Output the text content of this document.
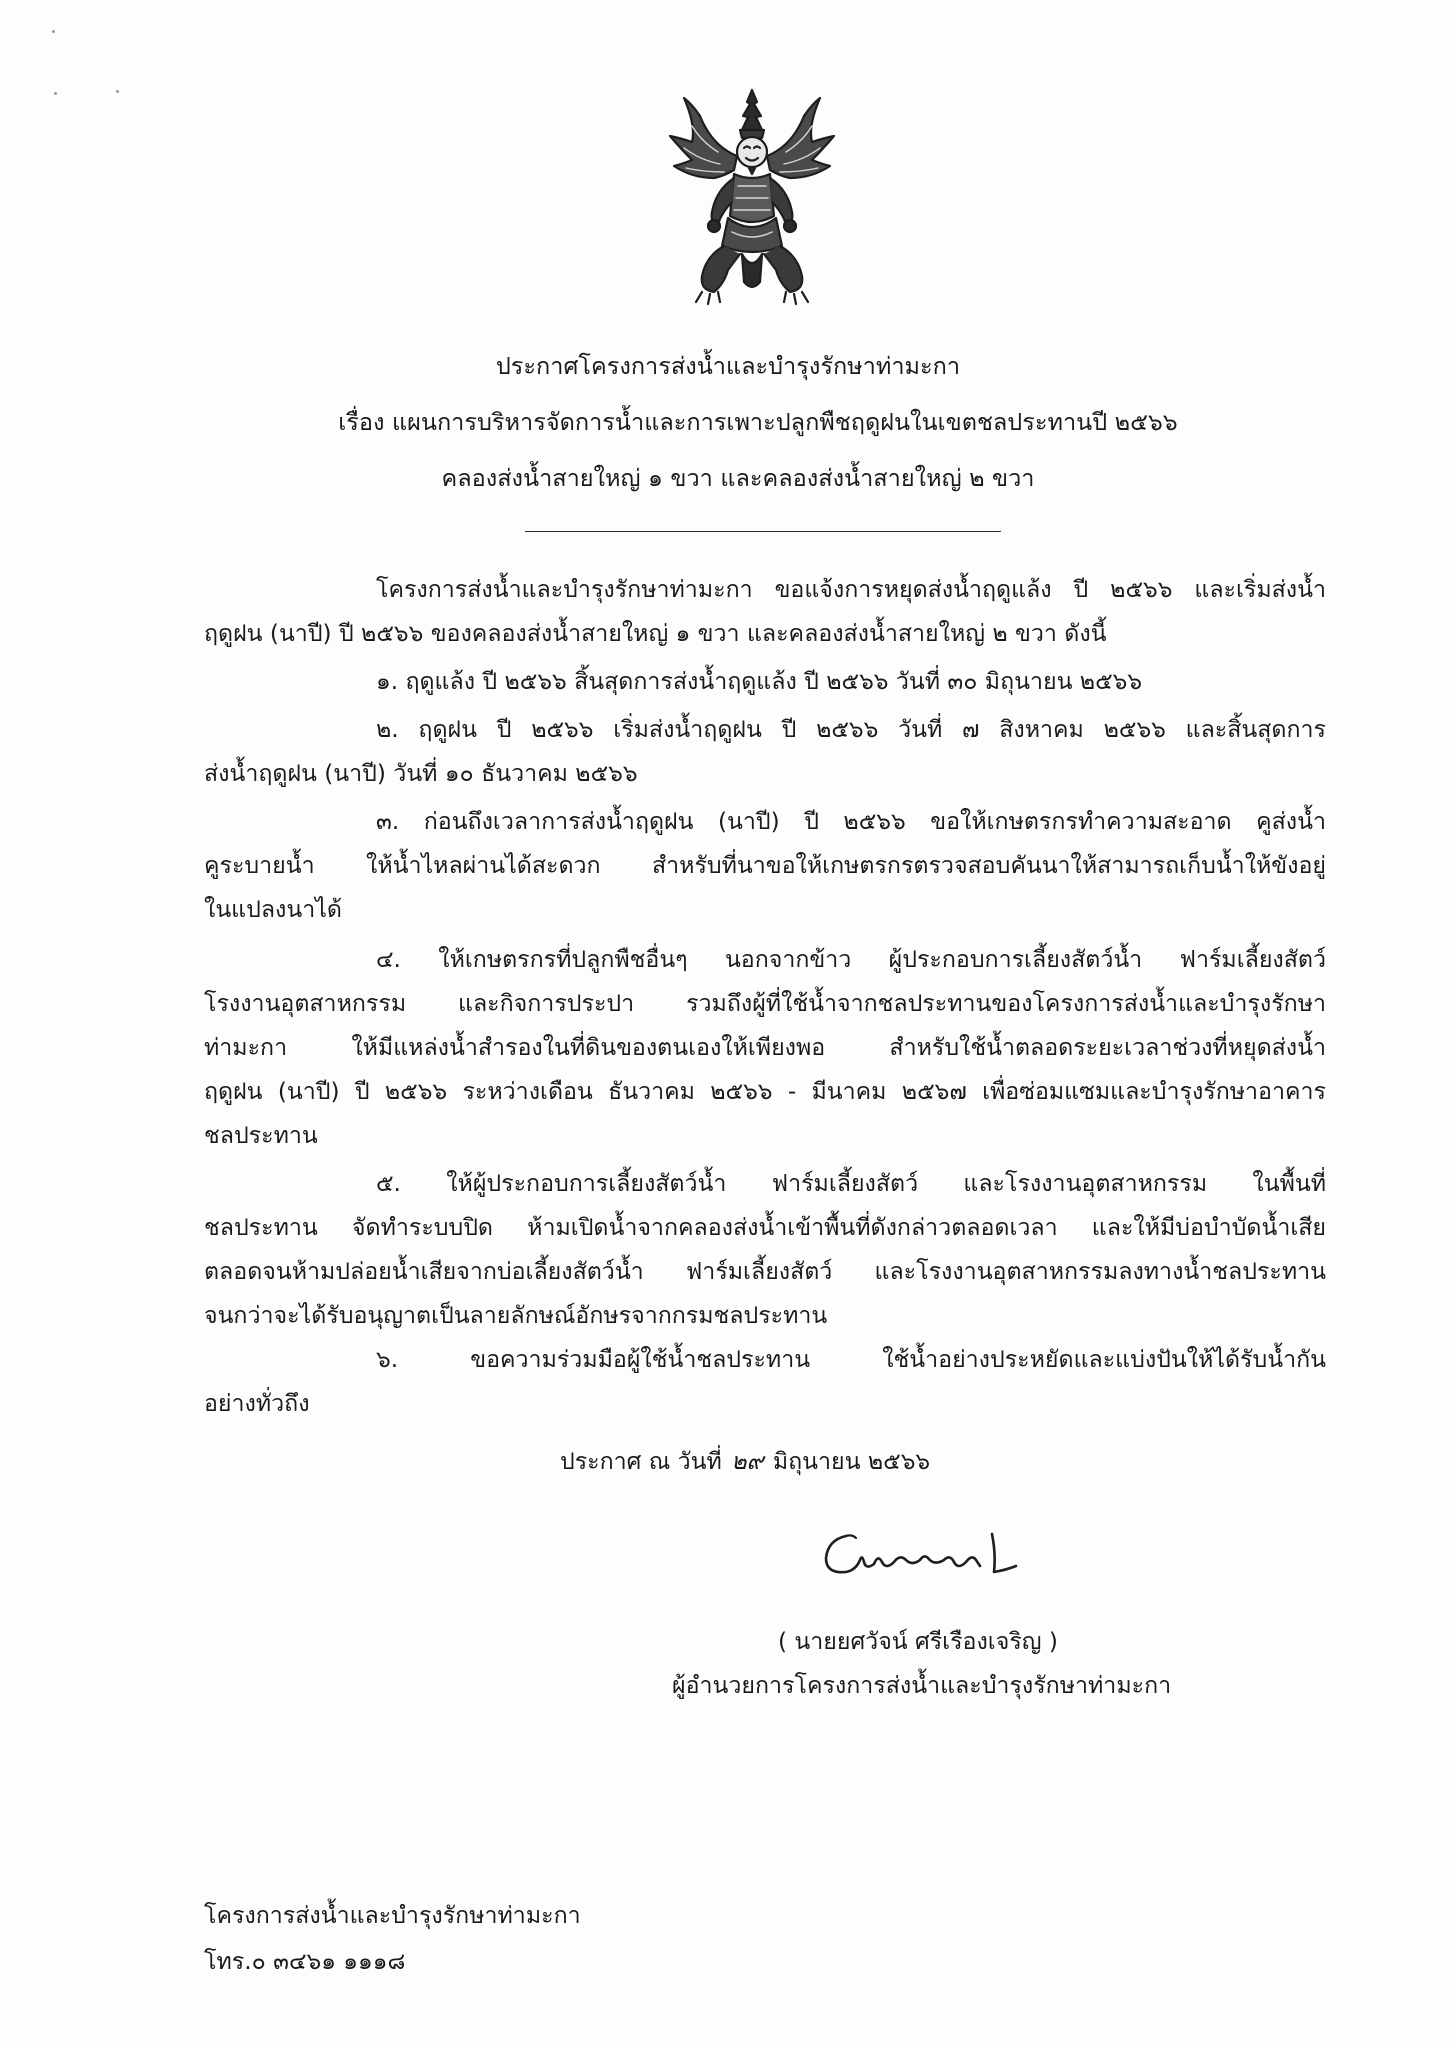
ประกาศโครงการส่งน้ำและบำรุงรักษาท่ามะกา
เรื่อง แผนการบริหารจัดการน้ำและการเพาะปลูกพืชฤดูฝนในเขตชลประทานปี ๒๕๖๖
คลองส่งน้ำสายใหญ่ ๑ ขวา และคลองส่งน้ำสายใหญ่ ๒ ขวา
โครงการส่งน้ำและบำรุงรักษาท่ามะกา ขอแจ้งการหยุดส่งน้ำฤดูแล้ง ปี ๒๕๖๖ และเริ่มส่งน้ำ
ฤดูฝน (นาปี) ปี ๒๕๖๖ ของคลองส่งน้ำสายใหญ่ ๑ ขวา และคลองส่งน้ำสายใหญ่ ๒ ขวา ดังนี้
๑. ฤดูแล้ง ปี ๒๕๖๖ สิ้นสุดการส่งน้ำฤดูแล้ง ปี ๒๕๖๖ วันที่ ๓๐ มิถุนายน ๒๕๖๖
๒. ฤดูฝน ปี ๒๕๖๖ เริ่มส่งน้ำฤดูฝน ปี ๒๕๖๖ วันที่ ๗ สิงหาคม ๒๕๖๖ และสิ้นสุดการ
ส่งน้ำฤดูฝน (นาปี) วันที่ ๑๐ ธันวาคม ๒๕๖๖
๓. ก่อนถึงเวลาการส่งน้ำฤดูฝน (นาปี) ปี ๒๕๖๖ ขอให้เกษตรกรทำความสะอาด คูส่งน้ำ
คูระบายน้ำ ให้น้ำไหลผ่านได้สะดวก สำหรับที่นาขอให้เกษตรกรตรวจสอบคันนาให้สามารถเก็บน้ำให้ขังอยู่
ในแปลงนาได้
๔. ให้เกษตรกรที่ปลูกพืชอื่นๆ นอกจากข้าว ผู้ประกอบการเลี้ยงสัตว์น้ำ ฟาร์มเลี้ยงสัตว์
โรงงานอุตสาหกรรม และกิจการประปา รวมถึงผู้ที่ใช้น้ำจากชลประทานของโครงการส่งน้ำและบำรุงรักษา
ท่ามะกา ให้มีแหล่งน้ำสำรองในที่ดินของตนเองให้เพียงพอ สำหรับใช้น้ำตลอดระยะเวลาช่วงที่หยุดส่งน้ำ
ฤดูฝน (นาปี) ปี ๒๕๖๖ ระหว่างเดือน ธันวาคม ๒๕๖๖ - มีนาคม ๒๕๖๗ เพื่อซ่อมแซมและบำรุงรักษาอาคาร
ชลประทาน
๕. ให้ผู้ประกอบการเลี้ยงสัตว์น้ำ ฟาร์มเลี้ยงสัตว์ และโรงงานอุตสาหกรรม ในพื้นที่
ชลประทาน จัดทำระบบปิด ห้ามเปิดน้ำจากคลองส่งน้ำเข้าพื้นที่ดังกล่าวตลอดเวลา และให้มีบ่อบำบัดน้ำเสีย
ตลอดจนห้ามปล่อยน้ำเสียจากบ่อเลี้ยงสัตว์น้ำ ฟาร์มเลี้ยงสัตว์ และโรงงานอุตสาหกรรมลงทางน้ำชลประทาน
จนกว่าจะได้รับอนุญาตเป็นลายลักษณ์อักษรจากกรมชลประทาน
๖. ขอความร่วมมือผู้ใช้น้ำชลประทาน ใช้น้ำอย่างประหยัดและแบ่งปันให้ได้รับน้ำกัน
อย่างทั่วถึง
ประกาศ ณ วันที่ ๒๙ มิถุนายน ๒๕๖๖
( นายยศวัจน์ ศรีเรืองเจริญ )
ผู้อำนวยการโครงการส่งน้ำและบำรุงรักษาท่ามะกา
โครงการส่งน้ำและบำรุงรักษาท่ามะกา
โทร.๐ ๓๔๖๑ ๑๑๑๘
